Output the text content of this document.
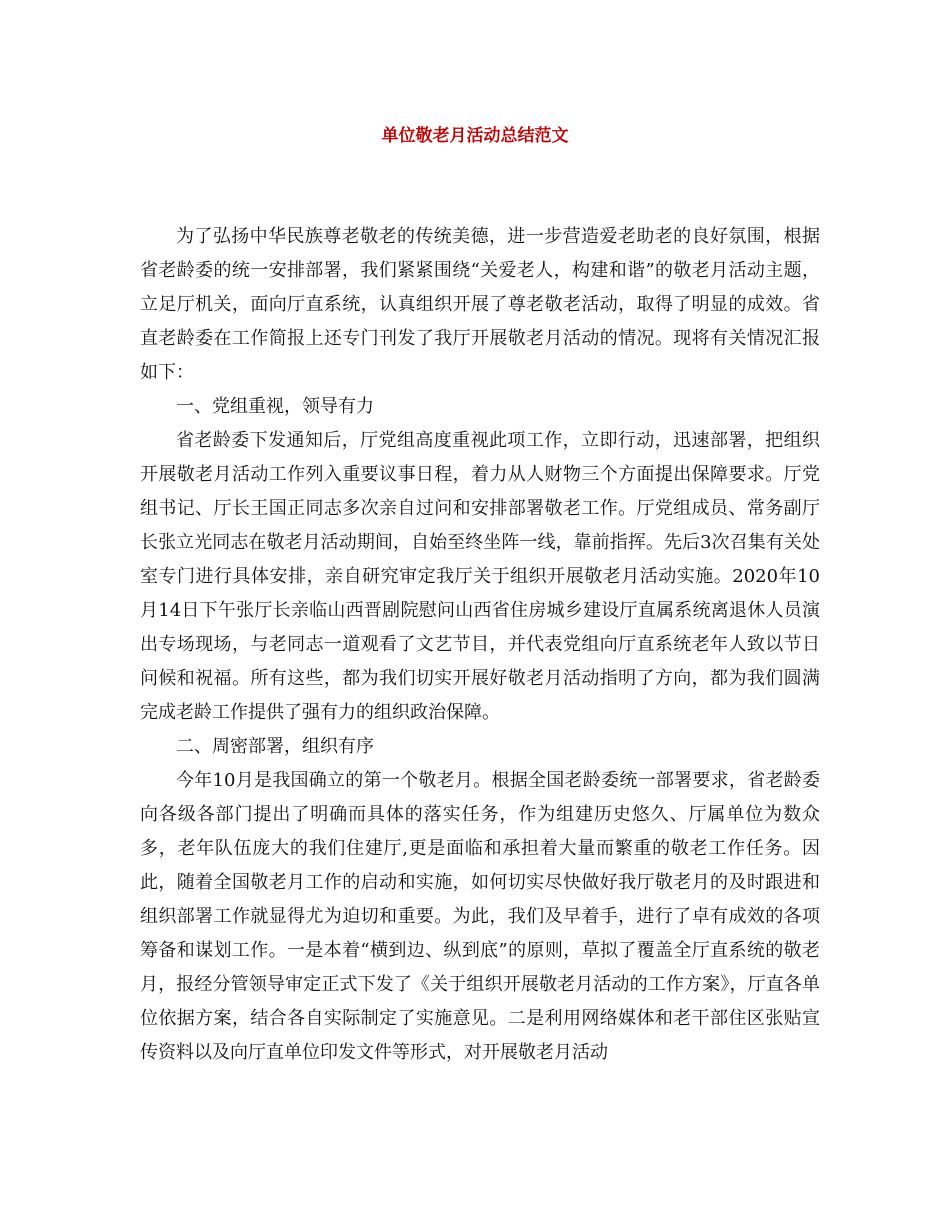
单位敬老月活动总结范文

为了弘扬中华民族尊老敬老的传统美德，进一步营造爱老助老的良好氛围，根据省老龄委的统一安排部署，我们紧紧围绕“关爱老人，构建和谐”的敬老月活动主题，立足厅机关，面向厅直系统，认真组织开展了尊老敬老活动，取得了明显的成效。省直老龄委在工作简报上还专门刊发了我厅开展敬老月活动的情况。现将有关情况汇报如下：

一、党组重视，领导有力

省老龄委下发通知后，厅党组高度重视此项工作，立即行动，迅速部署，把组织开展敬老月活动工作列入重要议事日程，着力从人财物三个方面提出保障要求。厅党组书记、厅长王国正同志多次亲自过问和安排部署敬老工作。厅党组成员、常务副厅长张立光同志在敬老月活动期间，自始至终坐阵一线，靠前指挥。先后3次召集有关处室专门进行具体安排，亲自研究审定我厅关于组织开展敬老月活动实施。2020年10月14日下午张厅长亲临山西晋剧院慰问山西省住房城乡建设厅直属系统离退休人员演出专场现场，与老同志一道观看了文艺节目，并代表党组向厅直系统老年人致以节日问候和祝福。所有这些，都为我们切实开展好敬老月活动指明了方向，都为我们圆满完成老龄工作提供了强有力的组织政治保障。

二、周密部署，组织有序

今年10月是我国确立的第一个敬老月。根据全国老龄委统一部署要求，省老龄委向各级各部门提出了明确而具体的落实任务，作为组建历史悠久、厅属单位为数众多，老年队伍庞大的我们住建厅,更是面临和承担着大量而繁重的敬老工作任务。因此，随着全国敬老月工作的启动和实施，如何切实尽快做好我厅敬老月的及时跟进和组织部署工作就显得尤为迫切和重要。为此，我们及早着手，进行了卓有成效的各项筹备和谋划工作。一是本着“横到边、纵到底”的原则，草拟了覆盖全厅直系统的敬老月，报经分管领导审定正式下发了《关于组织开展敬老月活动的工作方案》，厅直各单位依据方案，结合各自实际制定了实施意见。二是利用网络媒体和老干部住区张贴宣传资料以及向厅直单位印发文件等形式，对开展敬老月活动
